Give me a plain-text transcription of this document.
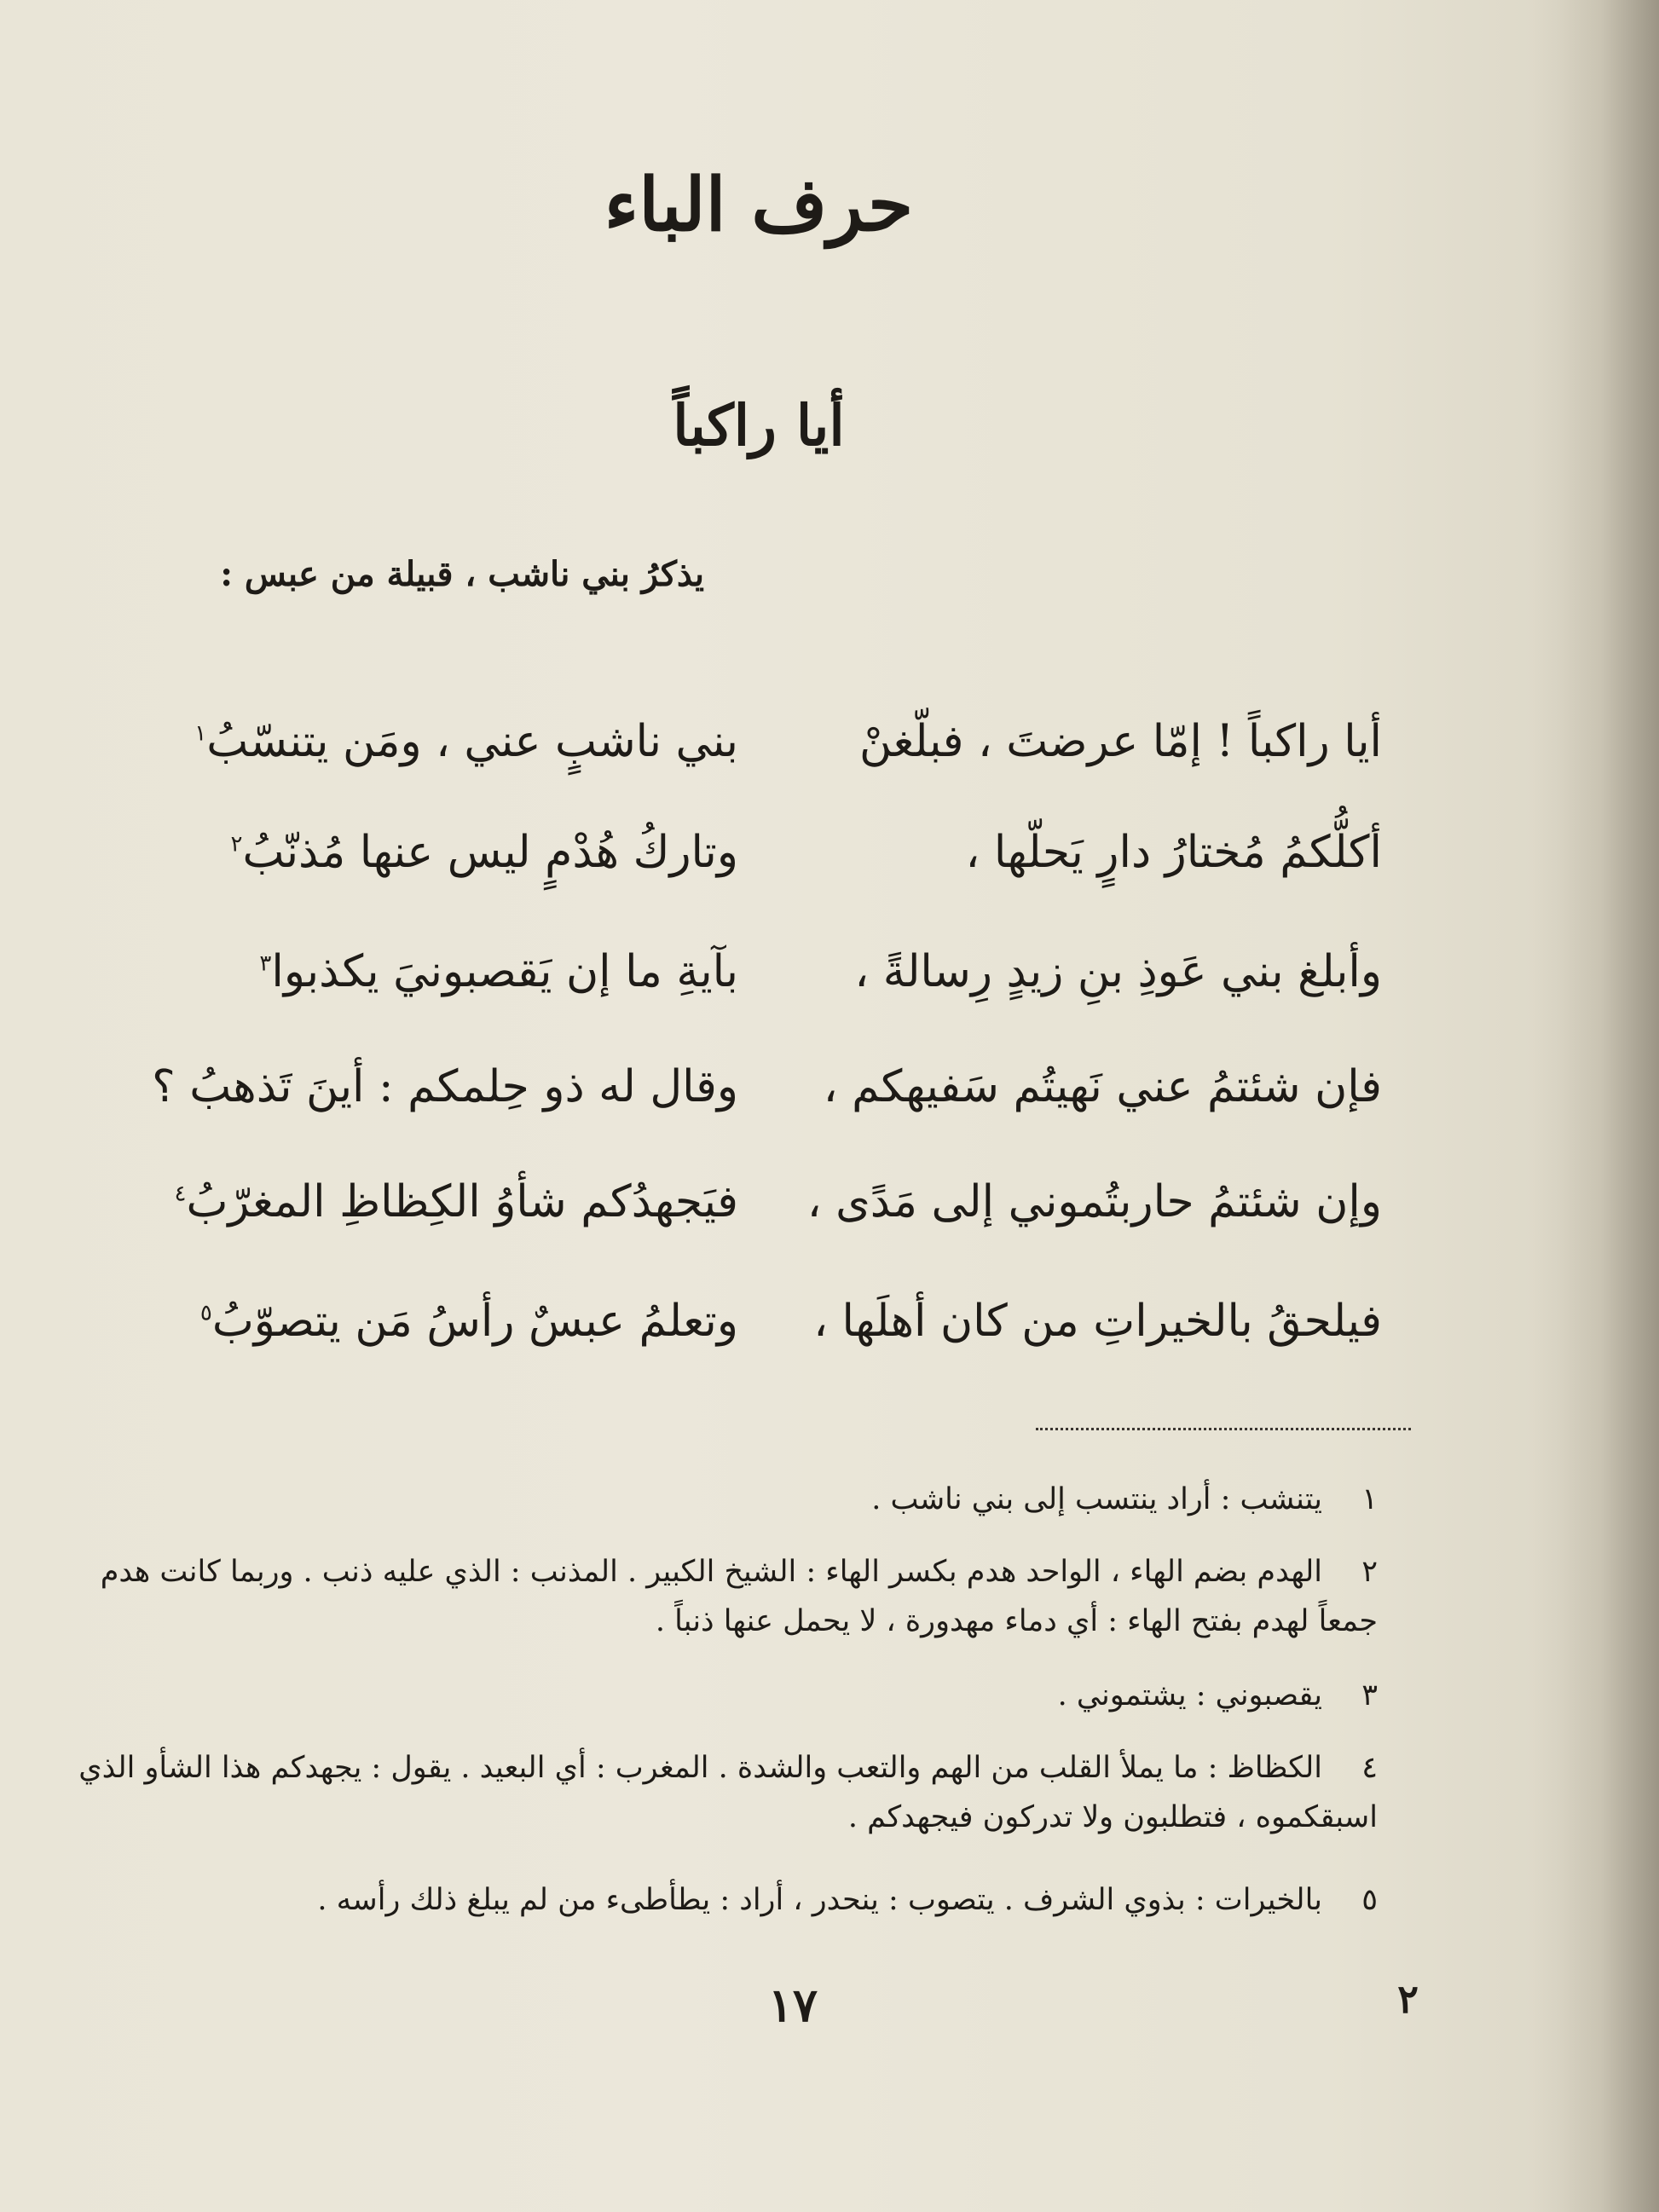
حرف الباء
أيا راكباً
يذكرُ بني ناشب ، قبيلة من عبس :
أيا راكباً ! إمّا عرضتَ ، فبلّغنْ
بني ناشبٍ عني ، ومَن يتنسّبُ$^١$
أكلُّكمُ مُختارُ دارٍ يَحلّها ،
وتاركُ هُدْمٍ ليس عنها مُذنّبُ$^٢$
وأبلغ بني عَوذِ بنِ زيدٍ رِسالةً ،
بآيةِ ما إن يَقصبونيَ يكذبوا$^٣$
فإن شئتمُ عني نَهيتُم سَفيهكم ،
وقال له ذو حِلمكم : أينَ تَذهبُ ؟
وإن شئتمُ حاربتُموني إلى مَدًى ،
فيَجهدُكم شأوُ الكِظاظِ المغرّبُ$^٤$
فيلحقُ بالخيراتِ من كان أهلَها ،
وتعلمُ عبسٌ رأسُ مَن يتصوّبُ$^٥$
١يتنشب : أراد ينتسب إلى بني ناشب .
٢الهدم بضم الهاء ، الواحد هدم بكسر الهاء : الشيخ الكبير . المذنب : الذي عليه ذنب . وربما كانت هدم جمعاً لهدم بفتح الهاء : أي دماء مهدورة ، لا يحمل عنها ذنباً .
٣يقصبوني : يشتموني .
٤الكظاظ : ما يملأ القلب من الهم والتعب والشدة . المغرب : أي البعيد . يقول : يجهدكم هذا الشأو الذي اسبقكموه ، فتطلبون ولا تدركون فيجهدكم .
٥بالخيرات : بذوي الشرف . يتصوب : ينحدر ، أراد : يطأطىء من لم يبلغ ذلك رأسه .
٢
١٧
